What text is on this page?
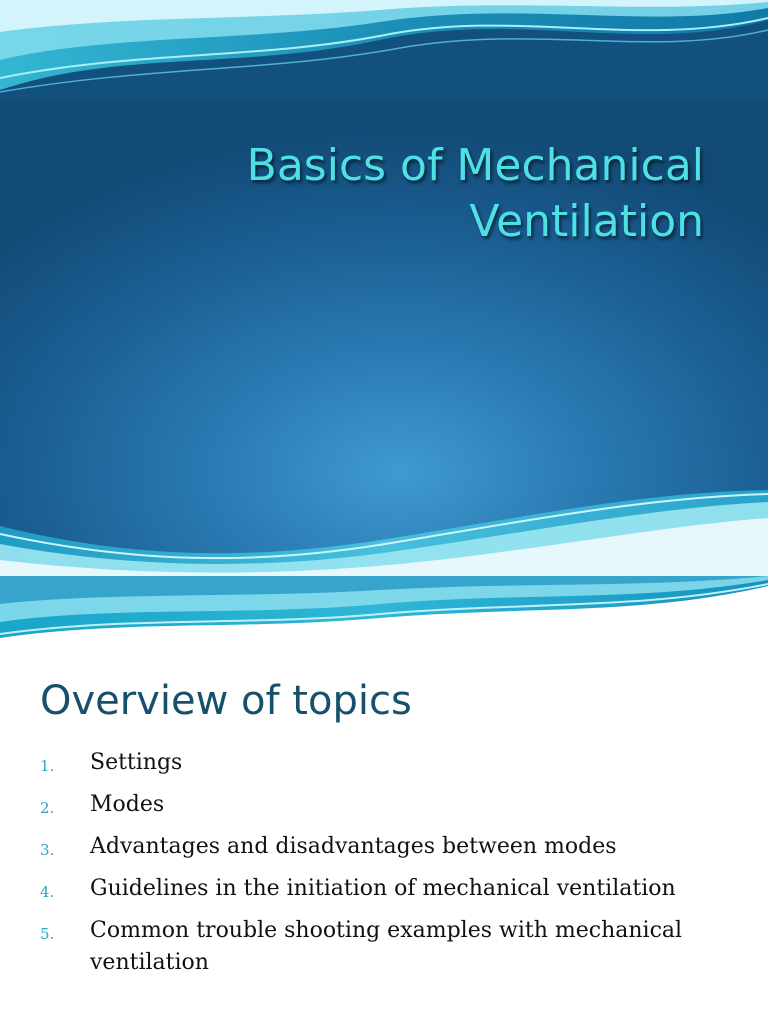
Basics of Mechanical
Ventilation
Overview of topics
1.	Settings
2.	Modes
3.	Advantages and disadvantages between modes
4.	Guidelines in the initiation of mechanical ventilation
5.	Common trouble shooting examples with mechanical ventilation
